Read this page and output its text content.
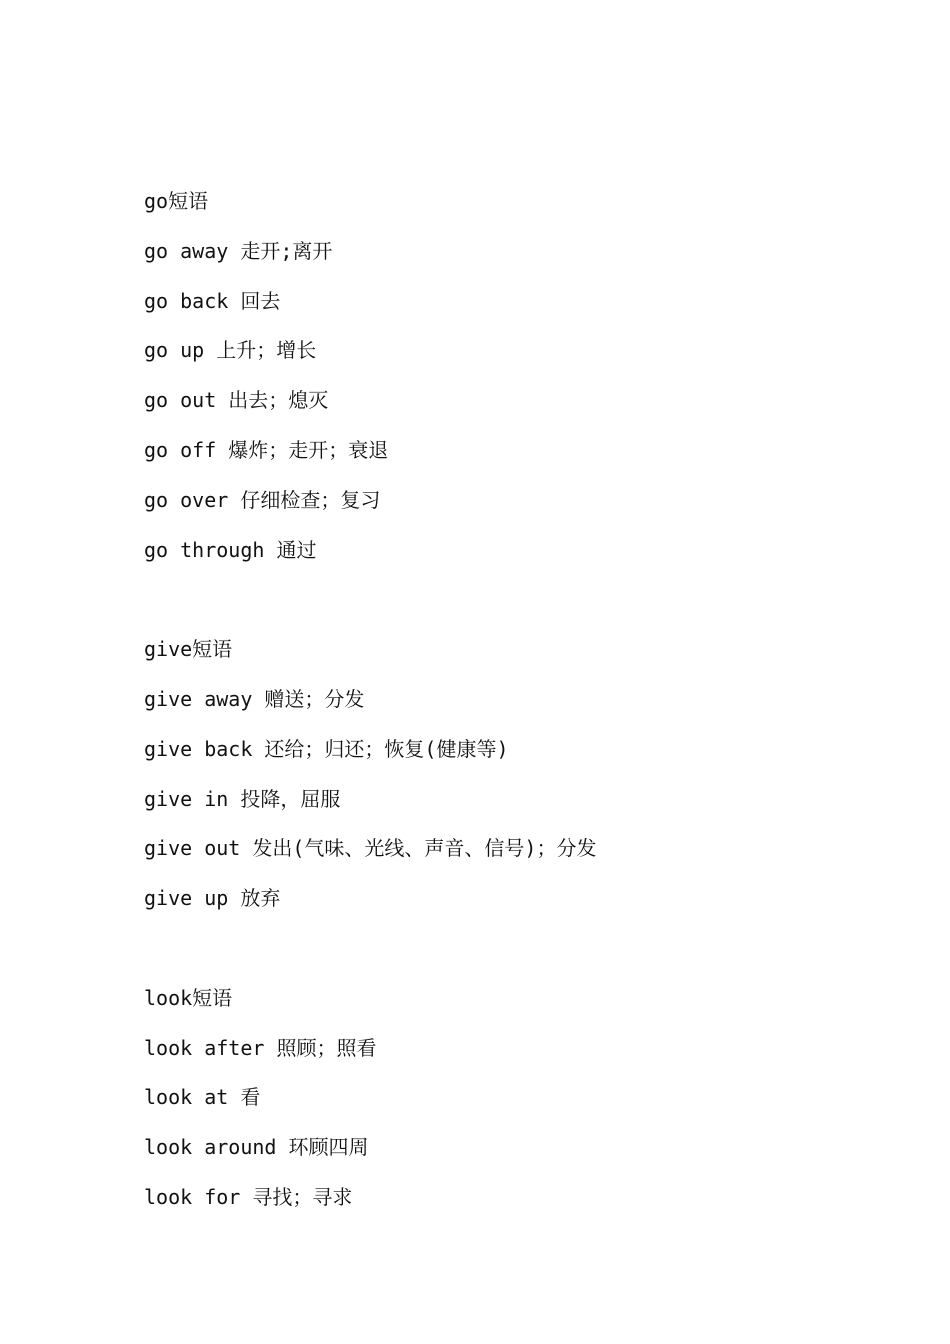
go短语
go away 走开;离开
go back 回去
go up 上升；增长
go out 出去；熄灭
go off 爆炸；走开；衰退
go over 仔细检查；复习
go through 通过
give短语
give away 赠送；分发
give back 还给；归还；恢复(健康等)
give in 投降，屈服
give out 发出(气味、光线、声音、信号)；分发
give up 放弃
look短语
look after 照顾；照看
look at 看
look around 环顾四周
look for 寻找；寻求
